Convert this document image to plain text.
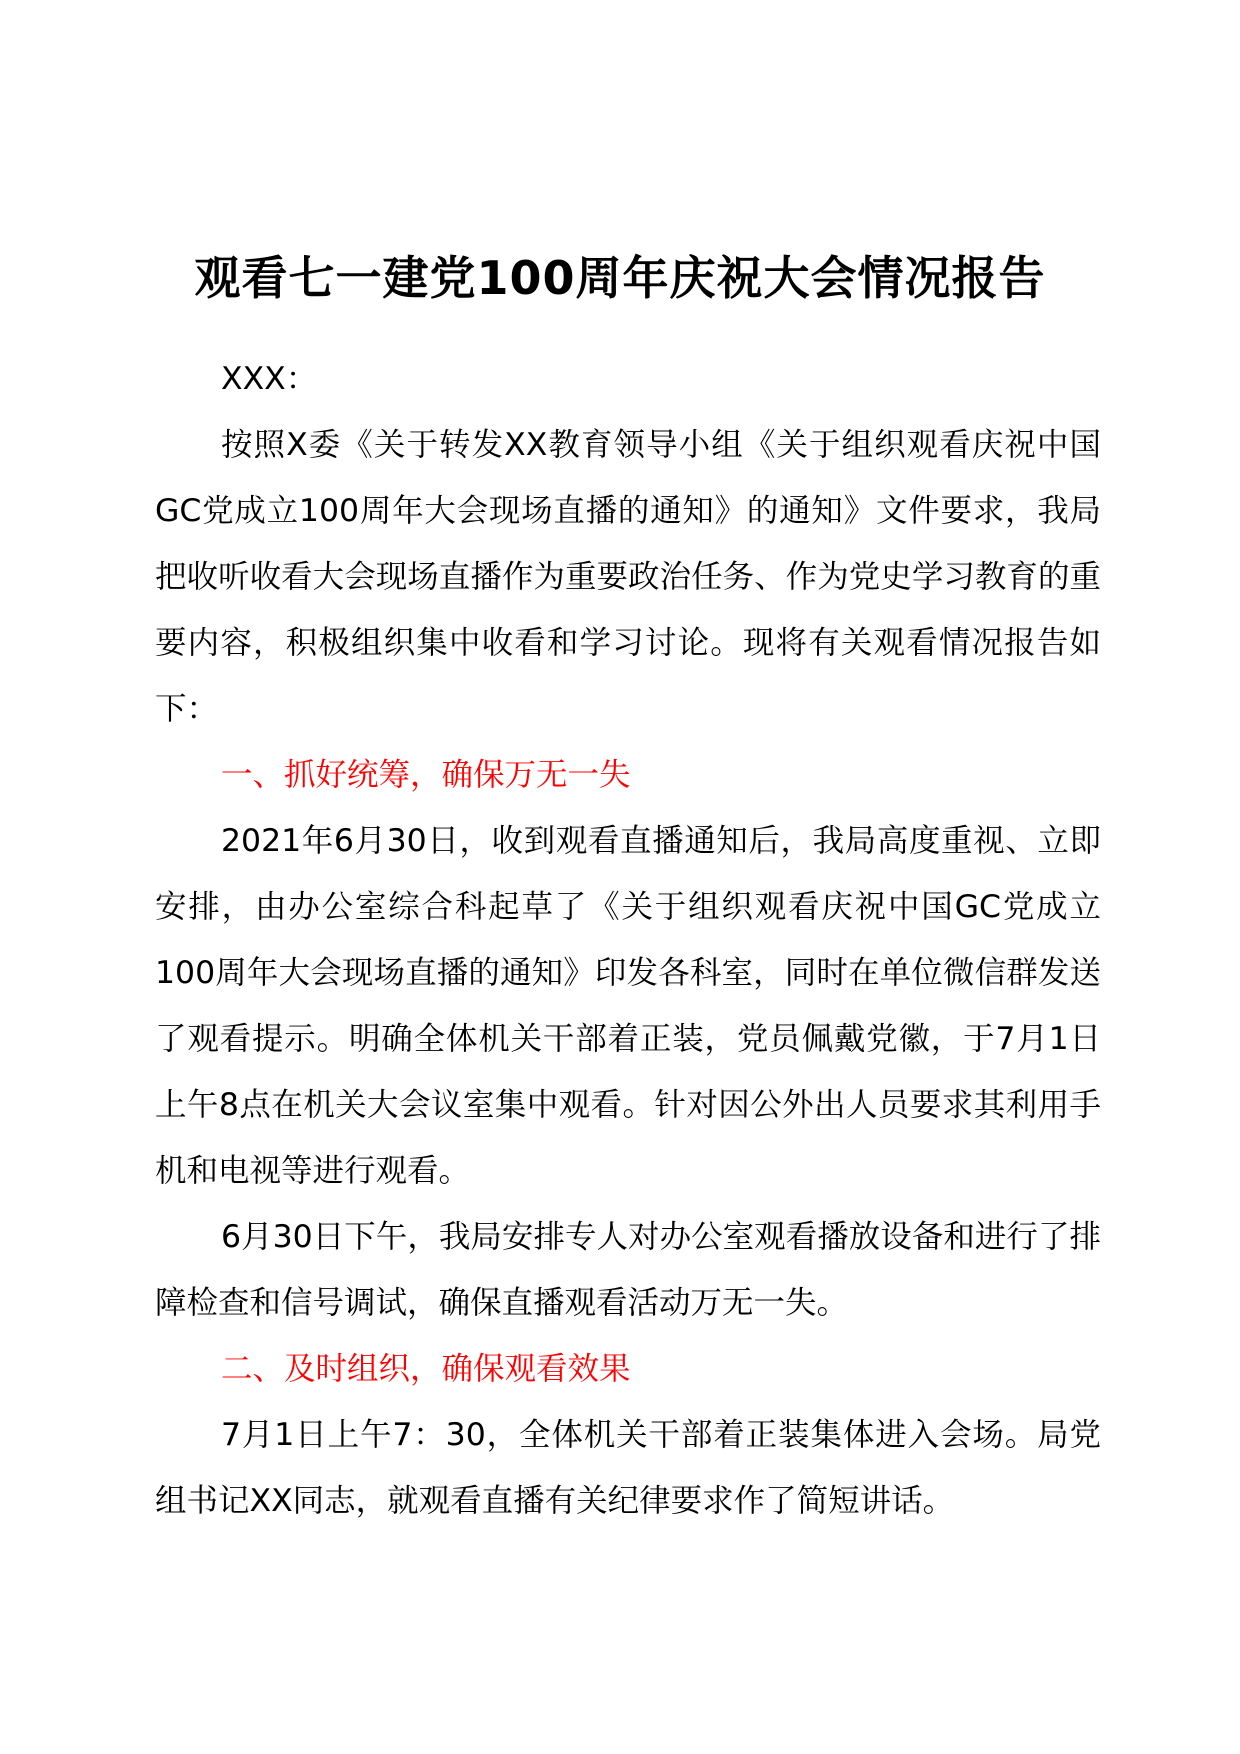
观看七一建党100周年庆祝大会情况报告

XXX：

按照X委《关于转发XX教育领导小组《关于组织观看庆祝中国GC党成立100周年大会现场直播的通知》的通知》文件要求，我局把收听收看大会现场直播作为重要政治任务、作为党史学习教育的重要内容，积极组织集中收看和学习讨论。现将有关观看情况报告如下：

一、抓好统筹，确保万无一失

2021年6月30日，收到观看直播通知后，我局高度重视、立即安排，由办公室综合科起草了《关于组织观看庆祝中国GC党成立100周年大会现场直播的通知》印发各科室，同时在单位微信群发送了观看提示。明确全体机关干部着正装，党员佩戴党徽，于7月1日上午8点在机关大会议室集中观看。针对因公外出人员要求其利用手机和电视等进行观看。

6月30日下午，我局安排专人对办公室观看播放设备和进行了排障检查和信号调试，确保直播观看活动万无一失。

二、及时组织，确保观看效果

7月1日上午7：30，全体机关干部着正装集体进入会场。局党组书记XX同志，就观看直播有关纪律要求作了简短讲话。
